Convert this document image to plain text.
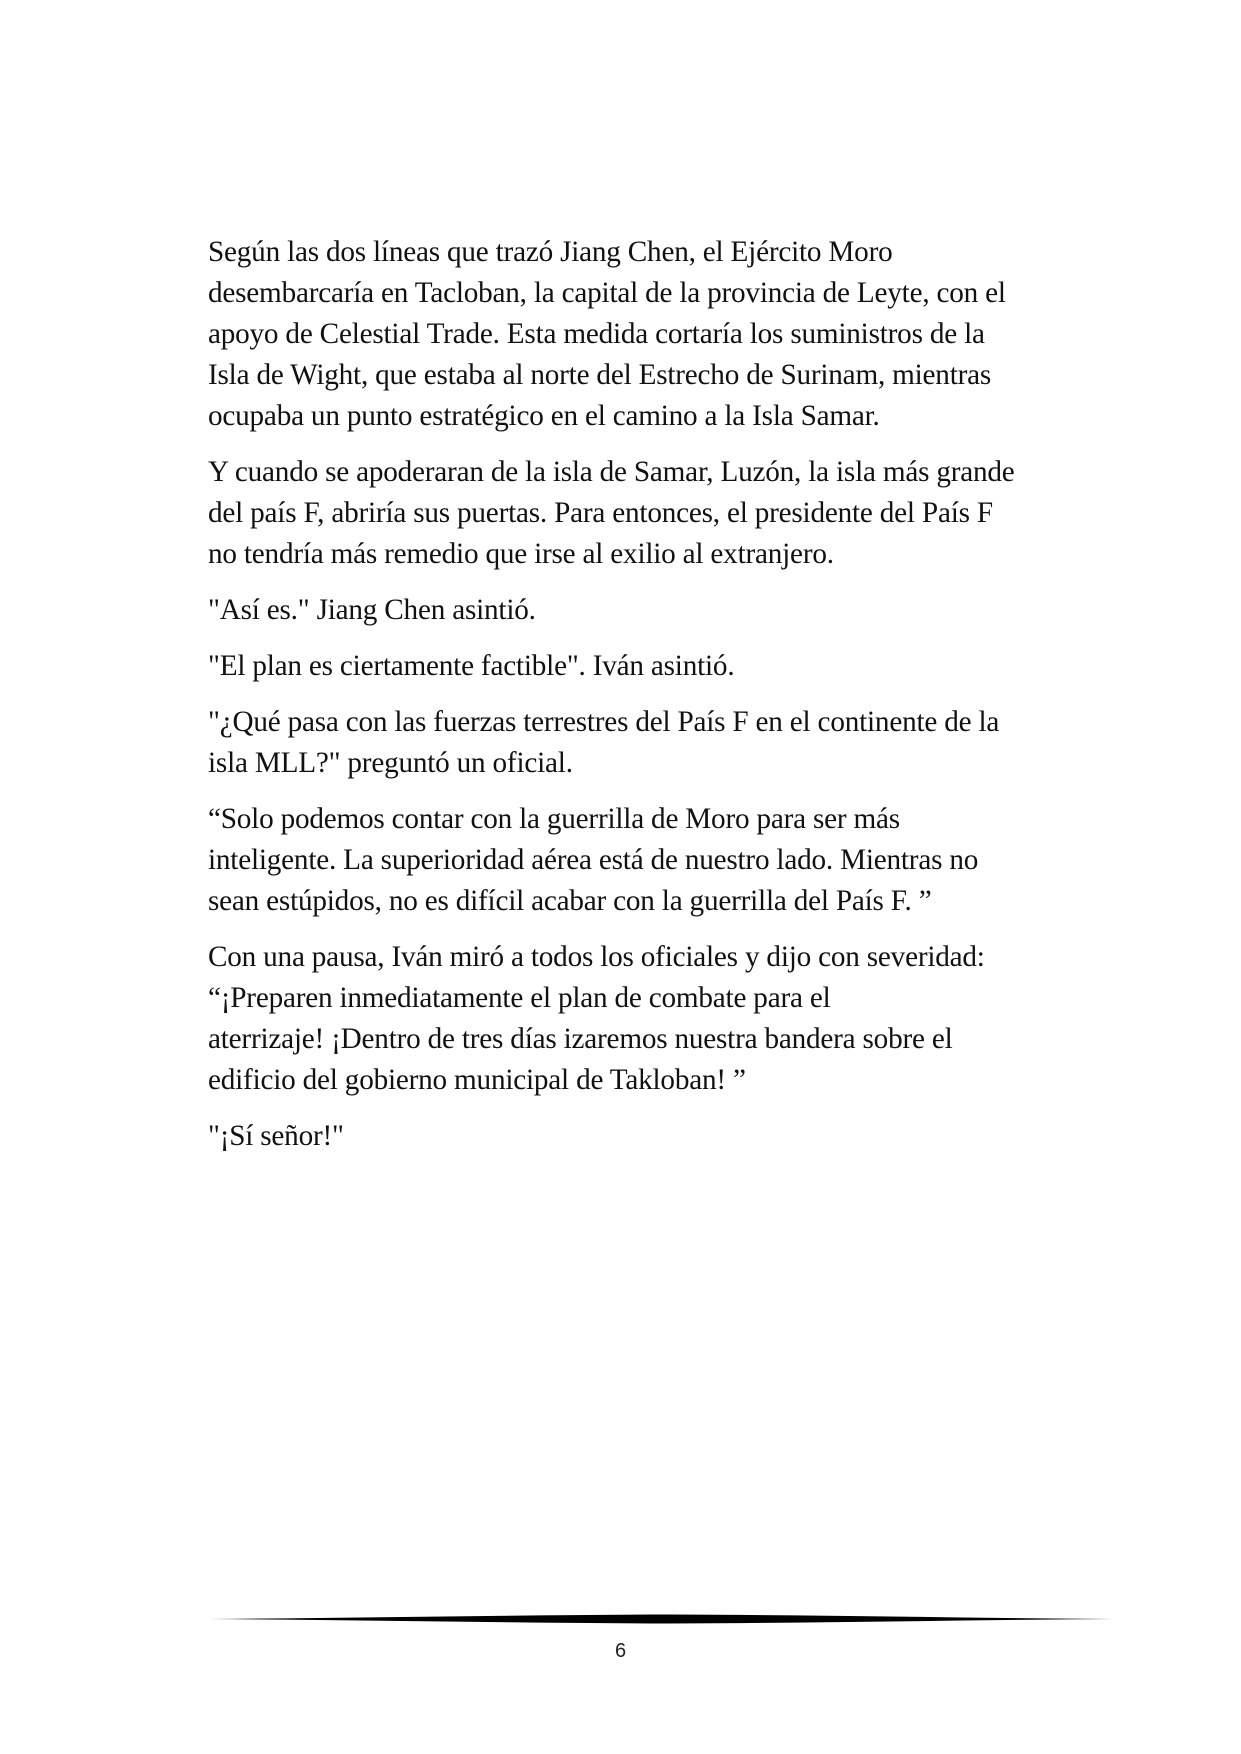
Según las dos líneas que trazó Jiang Chen, el Ejército Moro
desembarcaría en Tacloban, la capital de la provincia de Leyte, con el
apoyo de Celestial Trade. Esta medida cortaría los suministros de la
Isla de Wight, que estaba al norte del Estrecho de Surinam, mientras
ocupaba un punto estratégico en el camino a la Isla Samar.

Y cuando se apoderaran de la isla de Samar, Luzón, la isla más grande
del país F, abriría sus puertas. Para entonces, el presidente del País F
no tendría más remedio que irse al exilio al extranjero.

"Así es." Jiang Chen asintió.

"El plan es ciertamente factible". Iván asintió.

"¿Qué pasa con las fuerzas terrestres del País F en el continente de la
isla MLL?" preguntó un oficial.

“Solo podemos contar con la guerrilla de Moro para ser más
inteligente. La superioridad aérea está de nuestro lado. Mientras no
sean estúpidos, no es difícil acabar con la guerrilla del País F. ”

Con una pausa, Iván miró a todos los oficiales y dijo con severidad:
“¡Preparen inmediatamente el plan de combate para el
aterrizaje! ¡Dentro de tres días izaremos nuestra bandera sobre el
edificio del gobierno municipal de Takloban! ”

"¡Sí señor!"

6
